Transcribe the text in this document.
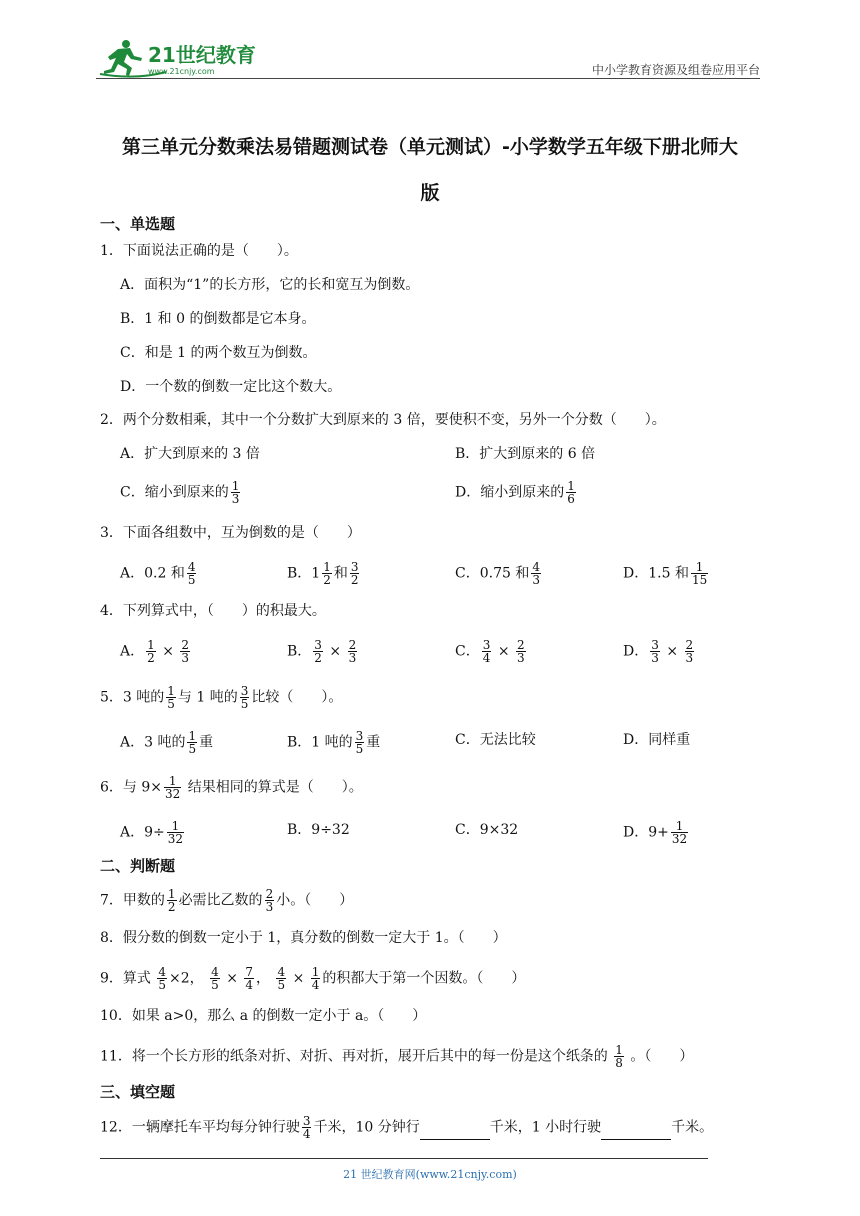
21世纪教育
www.21cnjy.com	中小学教育资源及组卷应用平台
第三单元分数乘法易错题测试卷（单元测试）-小学数学五年级下册北师大
版
一、单选题
1．下面说法正确的是（　　）。
A．面积为“1”的长方形，它的长和宽互为倒数。
B．1 和 0 的倒数都是它本身。
C．和是 1 的两个数互为倒数。
D．一个数的倒数一定比这个数大。
2．两个分数相乘，其中一个分数扩大到原来的 3 倍，要使积不变，另外一个分数（　　）。
A．扩大到原来的 3 倍	B．扩大到原来的 6 倍
C．缩小到原来的 $\frac{1}{3}$	D．缩小到原来的 $\frac{1}{6}$
3．下面各组数中，互为倒数的是（　　）
A．0.2 和 $\frac{4}{5}$	B．$1 \frac{1}{2}$ 和 $\frac{3}{2}$	C．0.75 和 $\frac{4}{3}$	D．1.5 和 $\frac{1}{15}$
4．下列算式中，（　　）的积最大。
A． $\frac{1}{2} \times \frac{2}{3}$	B． $\frac{3}{2} \times \frac{2}{3}$	C． $\frac{3}{4} \times \frac{2}{3}$	D． $\frac{3}{3} \times \frac{2}{3}$
5．3 吨的 $\frac{1}{5}$ 与 1 吨的 $\frac{3}{5}$ 比较（　　）。
A．3 吨的 $\frac{1}{5}$ 重	B．1 吨的 $\frac{3}{5}$ 重	C．无法比较	D．同样重
6．与 $9\times \frac{1}{32}$ 结果相同的算式是（　　）。
A．$9\div \frac{1}{32}$	B．9÷32	C．9×32	D．$9+ \frac{1}{32}$
二、判断题
7．甲数的 $\frac{1}{2}$ 必需比乙数的 $\frac{2}{3}$ 小。（　　）
8．假分数的倒数一定小于 1，真分数的倒数一定大于 1。（　　）
9．算式 $\frac{4}{5} \times 2$， $\frac{4}{5} \times \frac{7}{4}$ ， $\frac{4}{5} \times \frac{1}{4}$ 的积都大于第一个因数。（　　）
10．如果 a>0，那么 a 的倒数一定小于 a。（　　）
11．将一个长方形的纸条对折、对折、再对折，展开后其中的每一份是这个纸条的 $\frac{1}{8}$ 。（　　）
三、填空题
12．一辆摩托车平均每分钟行驶 $\frac{3}{4}$ 千米，10 分钟行	千米，1 小时行驶	千米。
21 世纪教育网(www.21cnjy.com)
